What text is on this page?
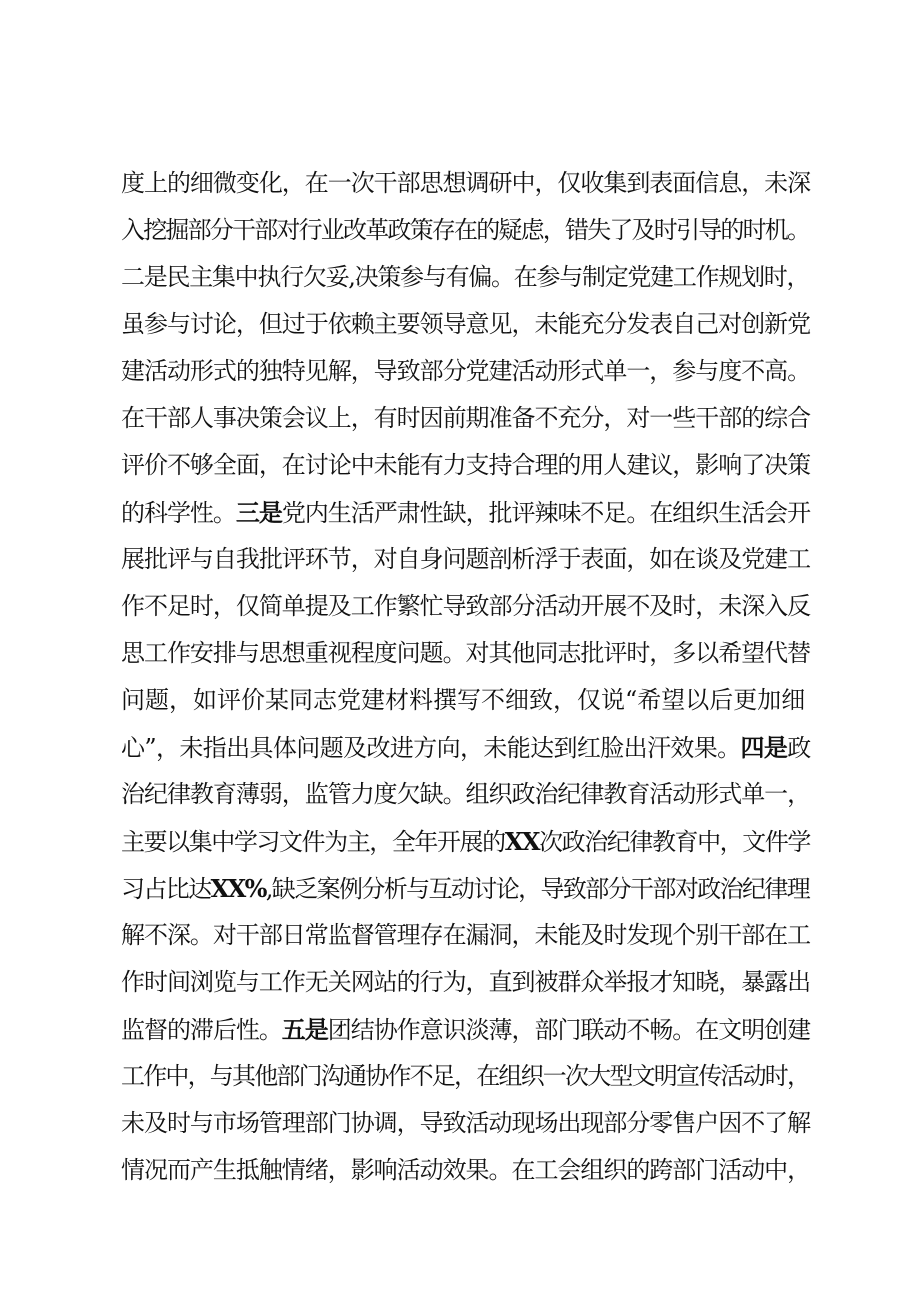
度上的细微变化，在一次干部思想调研中，仅收集到表面信息，未深
入挖掘部分干部对行业改革政策存在的疑虑，错失了及时引导的时机。
二是民主集中执行欠妥,决策参与有偏。在参与制定党建工作规划时，
虽参与讨论，但过于依赖主要领导意见，未能充分发表自己对创新党
建活动形式的独特见解，导致部分党建活动形式单一，参与度不高。
在干部人事决策会议上，有时因前期准备不充分，对一些干部的综合
评价不够全面，在讨论中未能有力支持合理的用人建议，影响了决策
的科学性。三是党内生活严肃性缺，批评辣味不足。在组织生活会开
展批评与自我批评环节，对自身问题剖析浮于表面，如在谈及党建工
作不足时，仅简单提及工作繁忙导致部分活动开展不及时，未深入反
思工作安排与思想重视程度问题。对其他同志批评时，多以希望代替
问题，如评价某同志党建材料撰写不细致，仅说“希望以后更加细
心”，未指出具体问题及改进方向，未能达到红脸出汗效果。四是政
治纪律教育薄弱，监管力度欠缺。组织政治纪律教育活动形式单一，
主要以集中学习文件为主，全年开展的XX次政治纪律教育中，文件学
习占比达XX%,缺乏案例分析与互动讨论，导致部分干部对政治纪律理
解不深。对干部日常监督管理存在漏洞，未能及时发现个别干部在工
作时间浏览与工作无关网站的行为，直到被群众举报才知晓，暴露出
监督的滞后性。五是团结协作意识淡薄，部门联动不畅。在文明创建
工作中，与其他部门沟通协作不足，在组织一次大型文明宣传活动时，
未及时与市场管理部门协调，导致活动现场出现部分零售户因不了解
情况而产生抵触情绪，影响活动效果。在工会组织的跨部门活动中，
